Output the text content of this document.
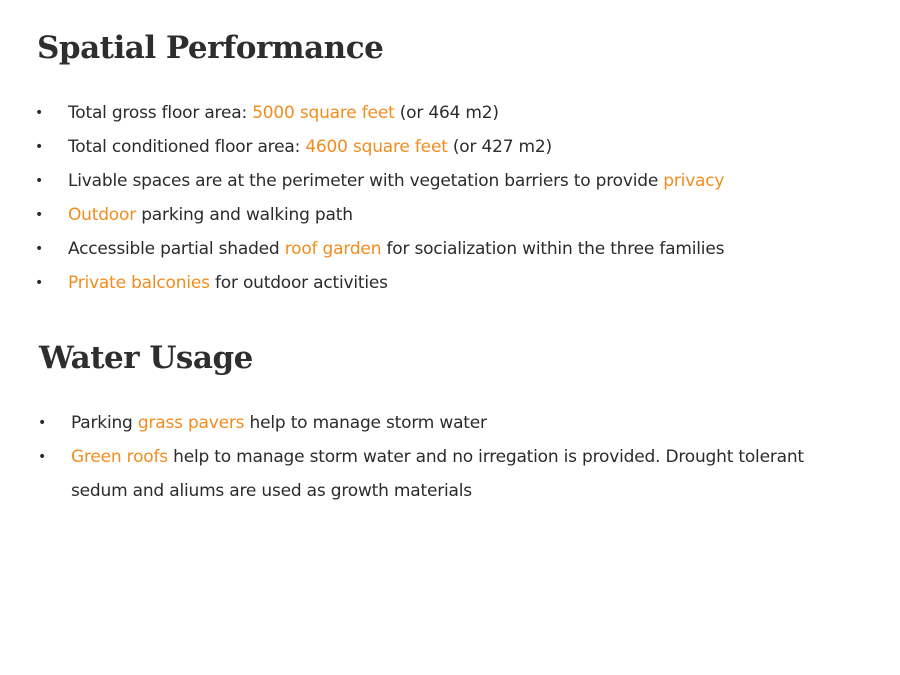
Spatial Performance
• Total gross floor area: 5000 square feet (or 464 m2)
• Total conditioned floor area: 4600 square feet (or 427 m2)
• Livable spaces are at the perimeter with vegetation barriers to provide privacy
• Outdoor parking and walking path
• Accessible partial shaded roof garden for socialization within the three families
• Private balconies for outdoor activities
Water Usage
• Parking grass pavers help to manage storm water
• Green roofs help to manage storm water and no irregation is provided. Drought tolerant sedum and aliums are used as growth materials
